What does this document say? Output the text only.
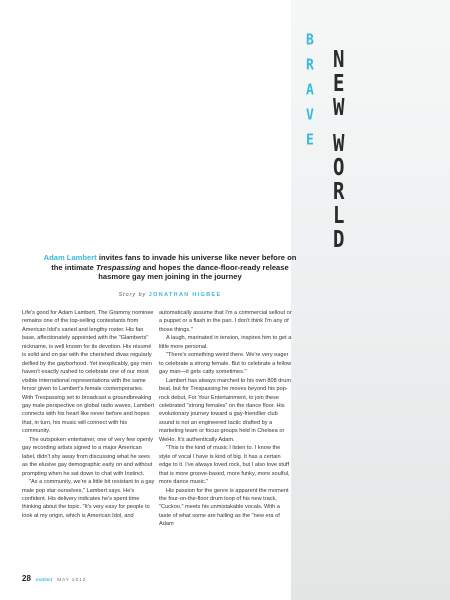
B
R
A
V
E
N
E
W
W
O
R
L
D
Adam Lambert invites fans to invade his universe like never before on the intimate Trespassing and hopes the dance-floor-ready release hasmore gay men joining in the journey
Story by JONATHAN HIGBEE

Life's good for Adam Lambert. The Grammy nominee remains one of the top-selling contestants from American Idol's varied and lengthy roster. His fan base, affectionately appointed with the "Glamberts" nickname, is well known for its devotion. His résumé is solid and on par with the cherished divas regularly deified by the gayborhood. Yet inexplicably, gay men haven't exactly rushed to celebrate one of our most visible international representations with the same fervor given to Lambert's female contemporaries. With Trespassing set to broadcast a groundbreaking gay male perspective on global radio waves, Lambert connects with his heart like never before and hopes that, in turn, his music will connect with his community.

The outspoken entertainer, one of very few openly gay recording artists signed to a major American label, didn't shy away from discussing what he sees as the elusive gay demographic early on and without prompting when he sat down to chat with Instinct.

"As a community, we're a little bit resistant to a gay male pop star ourselves," Lambert says. He's confident. His delivery indicates he's spent time thinking about the topic. "It's very easy for people to look at my origin, which is American Idol, and

automatically assume that I'm a commercial sellout or a puppet or a flash in the pan. I don't think I'm any of those things."

A laugh, marinated in tension, inspires him to get a little more personal.

"There's something weird there. We're very eager to celebrate a strong female. But to celebrate a fellow gay man—it gets catty sometimes."

Lambert has always marched to his own 808 drum beat, but for Trespassing he moves beyond his pop-rock debut, For Your Entertainment, to join these celebrated "strong females" on the dance floor. His evolutionary journey toward a gay-friendlier club sound is not an engineered tactic drafted by a marketing team or focus groups held in Chelsea or WeHo. It's authentically Adam.

"This is the kind of music I listen to. I know the style of vocal I have is kind of big. It has a certain edge to it. I've always loved rock, but I also love stuff that is more groove-based, more funky, more soulful, more dance music."

His passion for the genre is apparent the moment the four-on-the-floor drum loop of his new track, "Cuckoo," meets his unmistakable vocals. With a taste of what some are hailing as the "new era of Adam

28 instinct MAY 2012
